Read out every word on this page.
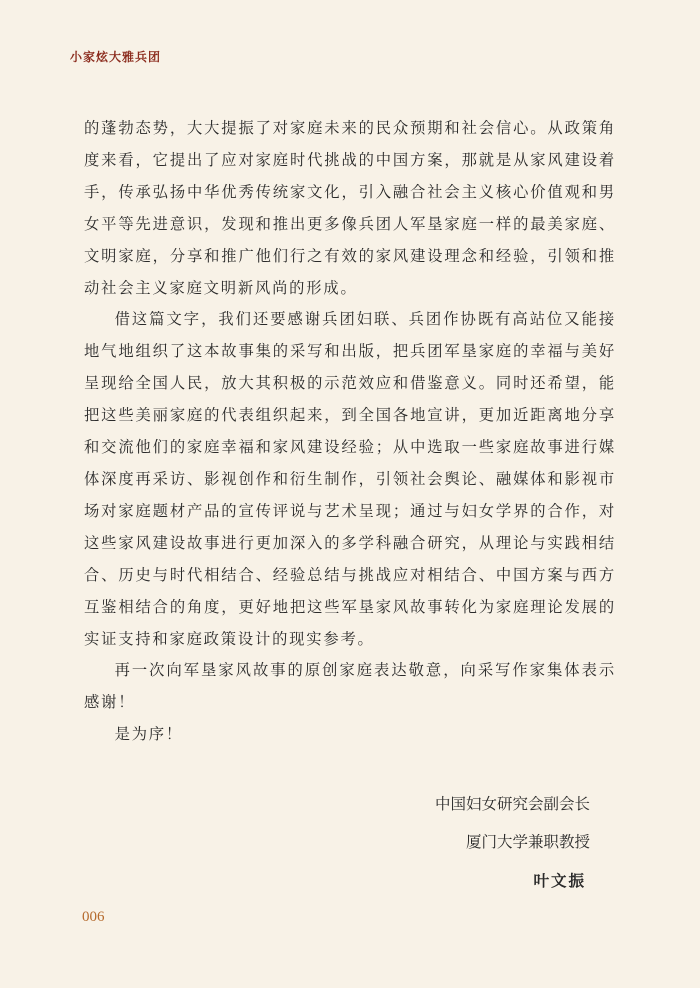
小家炫大雅兵团

的蓬勃态势，大大提振了对家庭未来的民众预期和社会信心。从政策角度来看，它提出了应对家庭时代挑战的中国方案，那就是从家风建设着手，传承弘扬中华优秀传统家文化，引入融合社会主义核心价值观和男女平等先进意识，发现和推出更多像兵团人军垦家庭一样的最美家庭、文明家庭，分享和推广他们行之有效的家风建设理念和经验，引领和推动社会主义家庭文明新风尚的形成。

借这篇文字，我们还要感谢兵团妇联、兵团作协既有高站位又能接地气地组织了这本故事集的采写和出版，把兵团军垦家庭的幸福与美好呈现给全国人民，放大其积极的示范效应和借鉴意义。同时还希望，能把这些美丽家庭的代表组织起来，到全国各地宣讲，更加近距离地分享和交流他们的家庭幸福和家风建设经验；从中选取一些家庭故事进行媒体深度再采访、影视创作和衍生制作，引领社会舆论、融媒体和影视市场对家庭题材产品的宣传评说与艺术呈现；通过与妇女学界的合作，对这些家风建设故事进行更加深入的多学科融合研究，从理论与实践相结合、历史与时代相结合、经验总结与挑战应对相结合、中国方案与西方互鉴相结合的角度，更好地把这些军垦家风故事转化为家庭理论发展的实证支持和家庭政策设计的现实参考。

再一次向军垦家风故事的原创家庭表达敬意，向采写作家集体表示感谢！

是为序！

中国妇女研究会副会长
厦门大学兼职教授
叶文振
006
